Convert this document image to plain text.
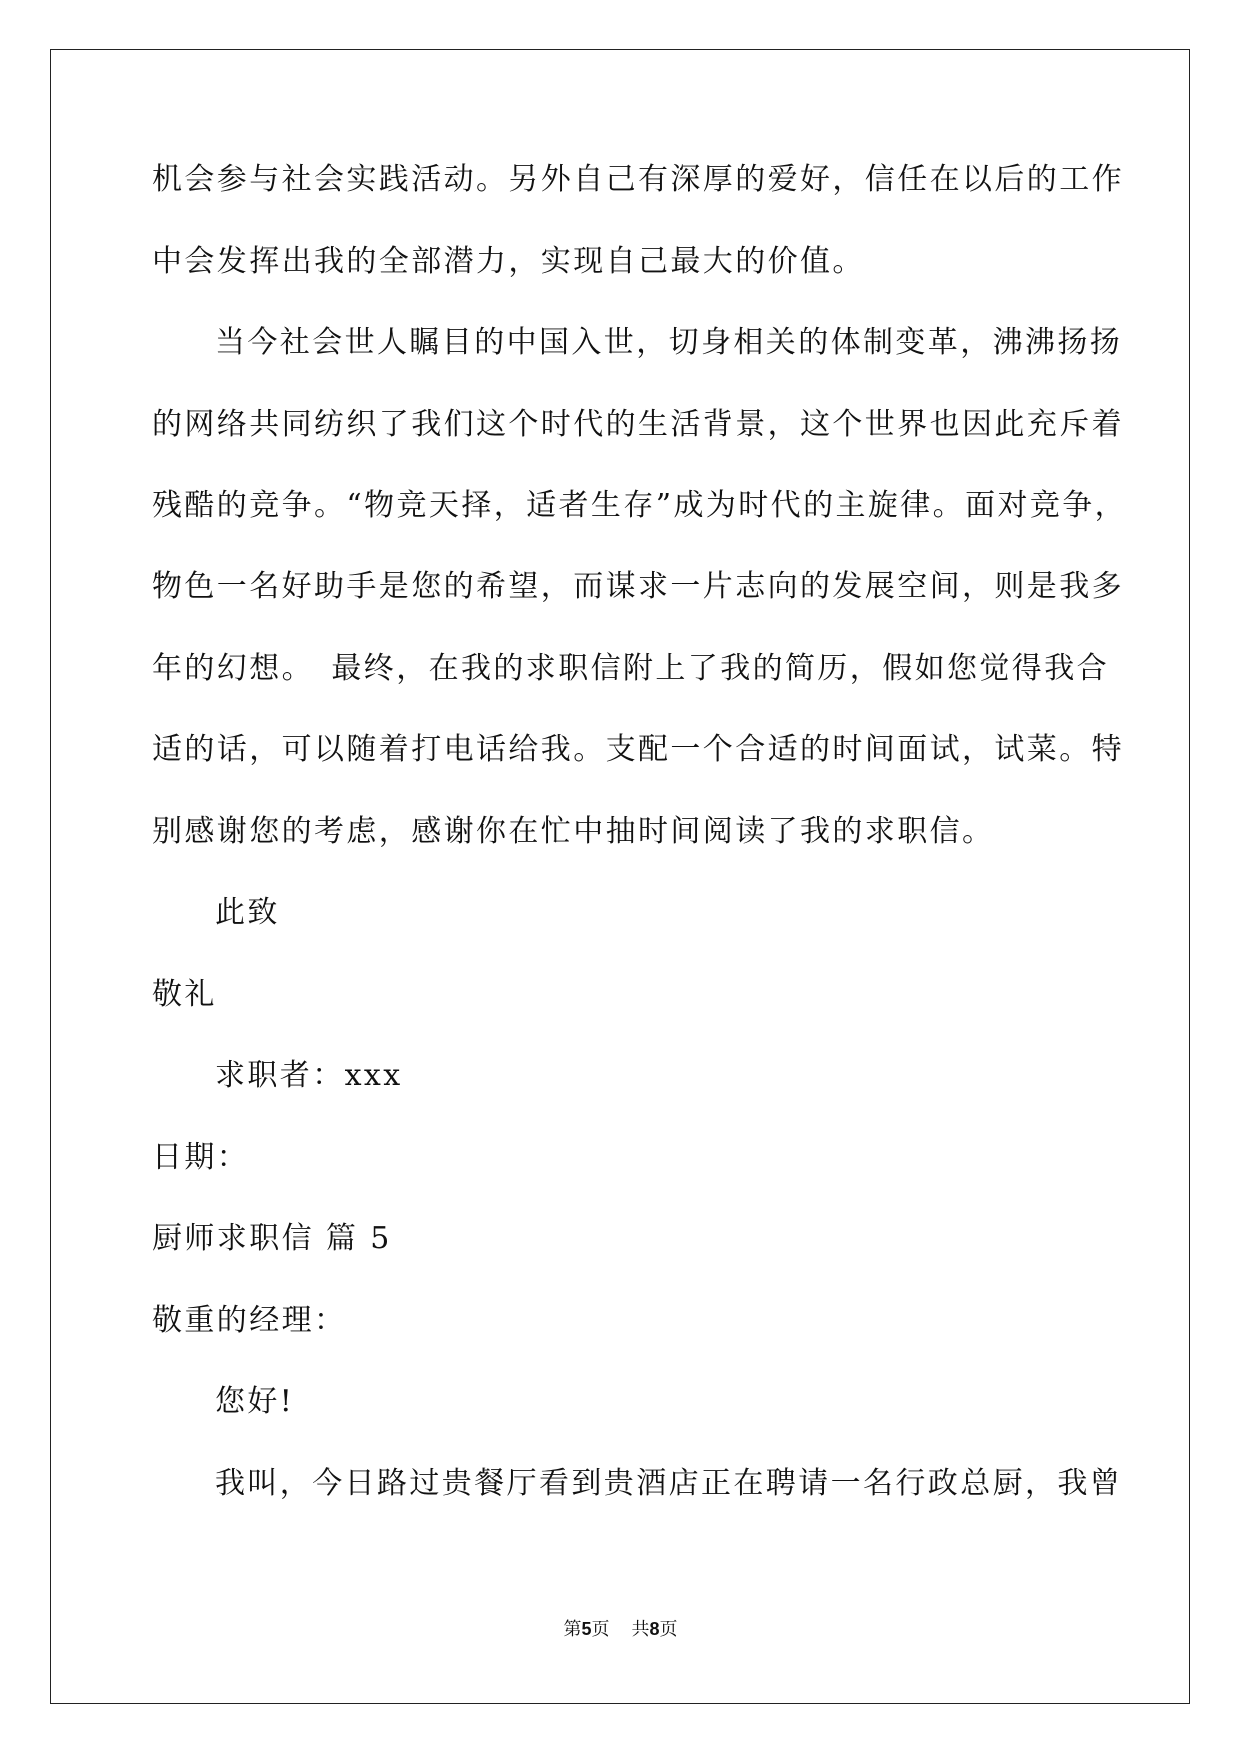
机会参与社会实践活动。另外自己有深厚的爱好，信任在以后的工作
中会发挥出我的全部潜力，实现自己最大的价值。
当今社会世人瞩目的中国入世，切身相关的体制变革，沸沸扬扬
的网络共同纺织了我们这个时代的生活背景，这个世界也因此充斥着
残酷的竞争。“物竞天择，适者生存”成为时代的主旋律。面对竞争，
物色一名好助手是您的希望，而谋求一片志向的发展空间，则是我多
年的幻想。　最终，在我的求职信附上了我的简历，假如您觉得我合
适的话，可以随着打电话给我。支配一个合适的时间面试，试菜。特
别感谢您的考虑，感谢你在忙中抽时间阅读了我的求职信。
此致
敬礼
求职者：xxx
日期：
厨师求职信 篇 5
敬重的经理：
您好!
我叫，今日路过贵餐厅看到贵酒店正在聘请一名行政总厨，我曾
第5页 共8页
